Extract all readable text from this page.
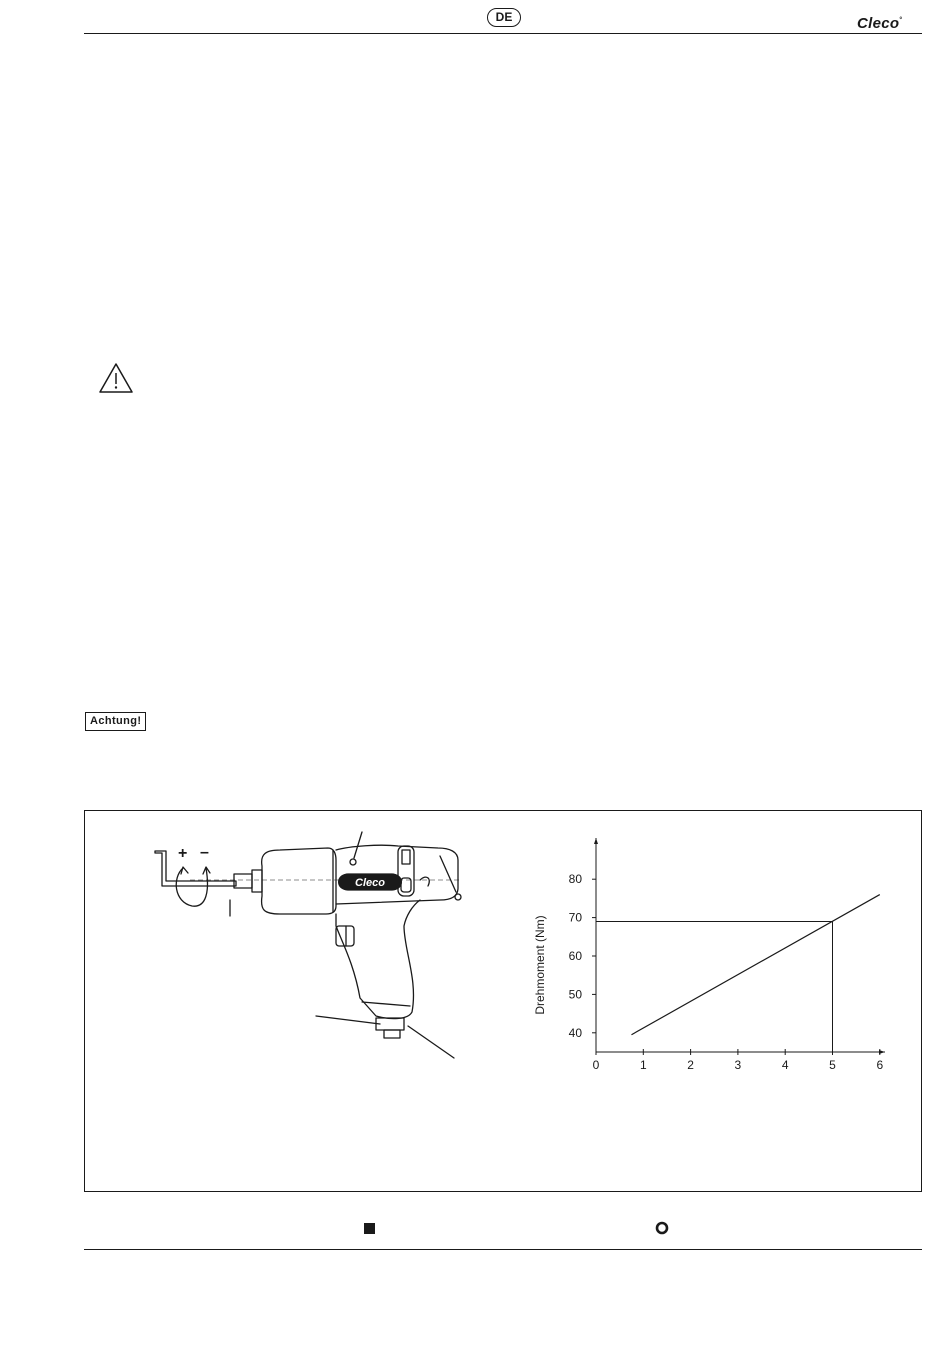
DE	Cleco°
Achtung!
Cleco
+ –
0	1	2	3	4	5	6
40
50
60
70
80
Drehmoment (Nm)
